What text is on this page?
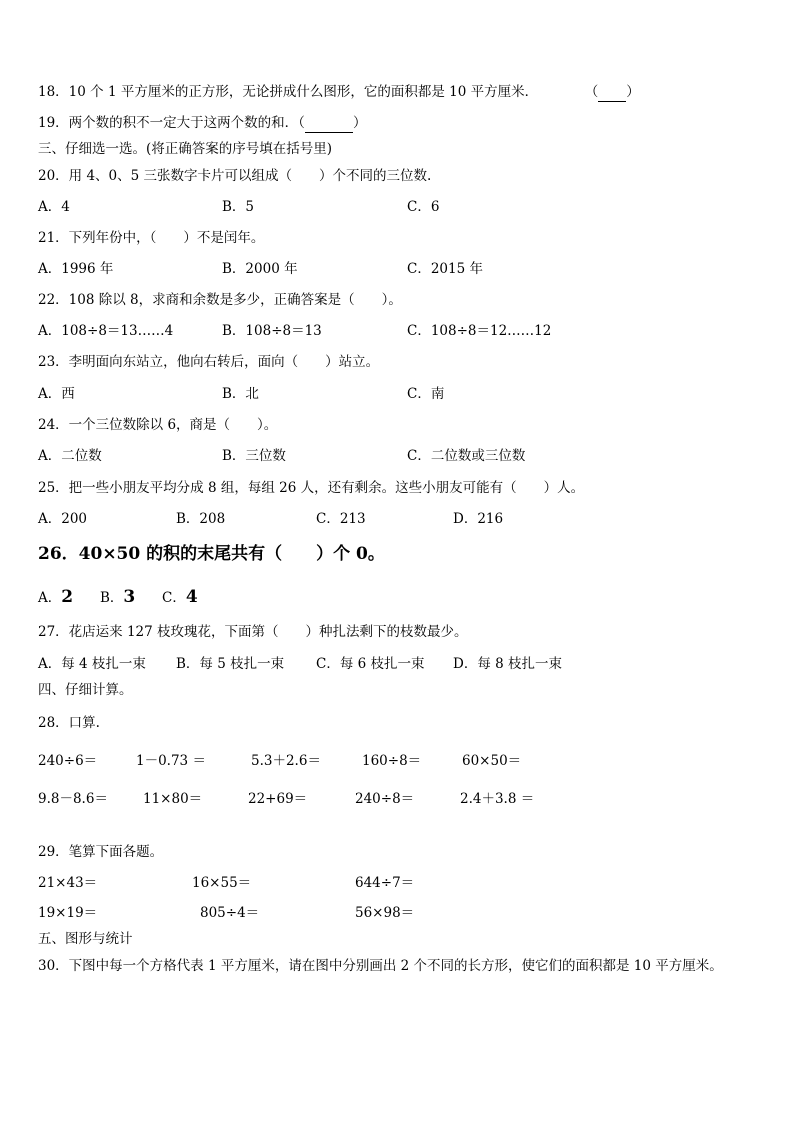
18．10 个 1 平方厘米的正方形，无论拼成什么图形，它的面积都是 10 平方厘米．	（ ）
19．两个数的积不一定大于这两个数的和．（	）
三、仔细选一选。(将正确答案的序号填在括号里)
20．用 4、0、5 三张数字卡片可以组成（　　）个不同的三位数.
A．4	B．5	C．6
21．下列年份中，（　　）不是闰年。
A．1996 年	B．2000 年	C．2015 年
22．108 除以 8，求商和余数是多少，正确答案是（　　）。
A．108÷8＝13……4	B．108÷8＝13	C．108÷8＝12……12
23．李明面向东站立，他向右转后，面向（　　）站立。
A．西	B．北	C．南
24．一个三位数除以 6，商是（　　）。
A．二位数	B．三位数	C．二位数或三位数
25．把一些小朋友平均分成 8 组，每组 26 人，还有剩余。这些小朋友可能有（　　）人。
A．200	B．208	C．213	D．216
26．40×50 的积的末尾共有（　　）个 0。
A．2 B．3 C．4
27．花店运来 127 枝玫瑰花，下面第（　　）种扎法剩下的枝数最少。
A．每 4 枝扎一束 B．每 5 枝扎一束 C．每 6 枝扎一束 D．每 8 枝扎一束
四、仔细计算。
28．口算.
240÷6＝	1－0.73 ＝	5.3＋2.6＝	160÷8＝	60×50＝
9.8－8.6＝	11×80＝	22+69＝	240÷8＝	2.4＋3.8 ＝
29．笔算下面各题。
21×43＝	16×55＝	644÷7＝
19×19＝	805÷4＝	56×98＝
五、图形与统计
30．下图中每一个方格代表 1 平方厘米，请在图中分别画出 2 个不同的长方形，使它们的面积都是 10 平方厘米。
